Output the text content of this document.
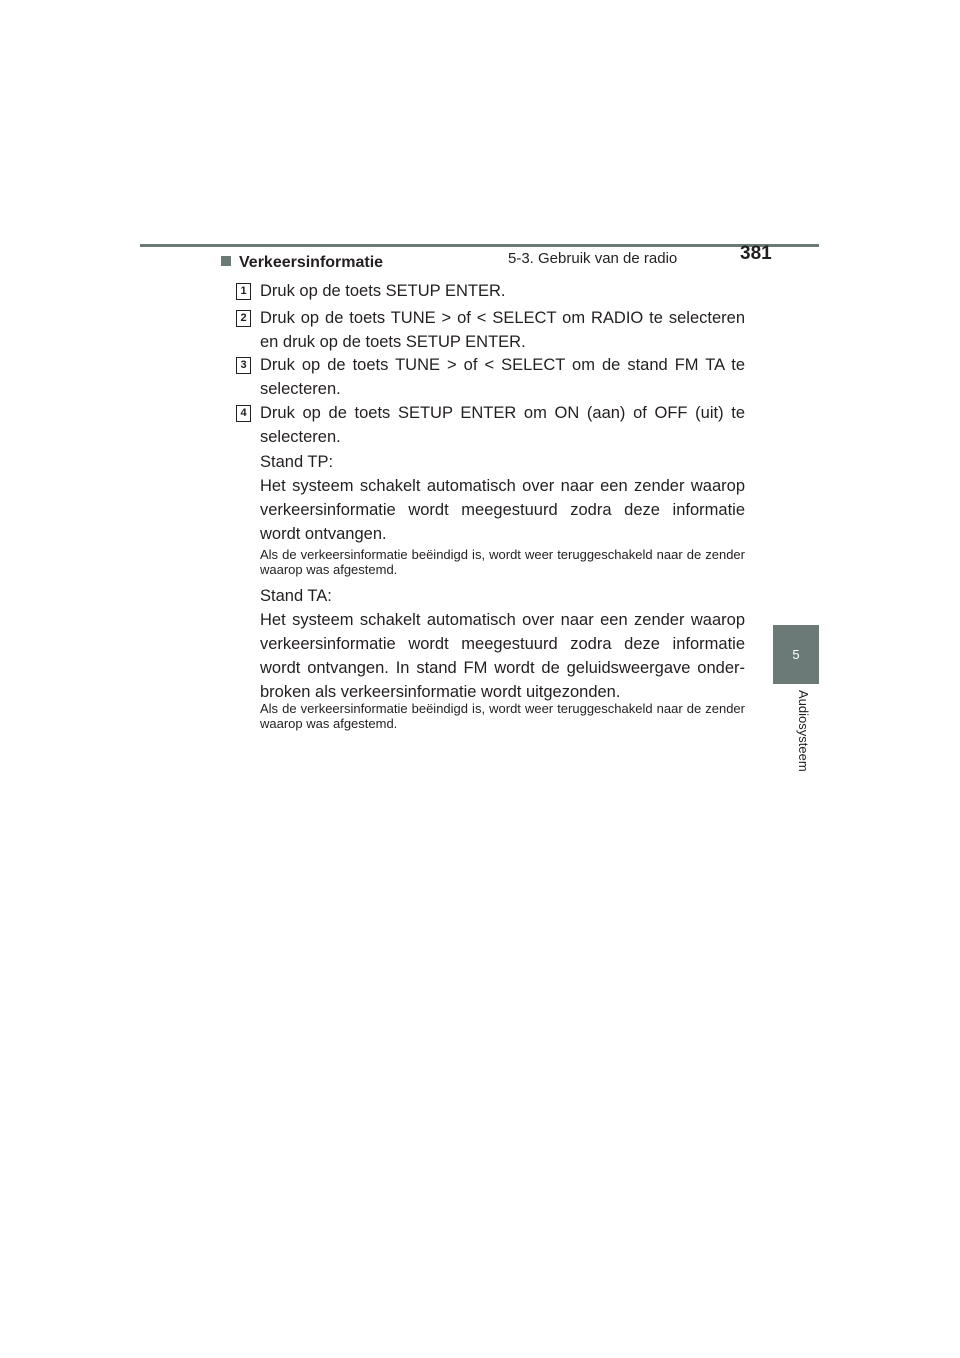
5-3. Gebruik van de radio	381
5
Audiosysteem
Verkeersinformatie
1 Druk op de toets SETUP ENTER.
2 Druk op de toets TUNE > of < SELECT om RADIO te selecteren en druk op de toets SETUP ENTER.
3 Druk op de toets TUNE > of < SELECT om de stand FM TA te selecteren.
4 Druk op de toets SETUP ENTER om ON (aan) of OFF (uit) te selecteren.
Stand TP:
Het systeem schakelt automatisch over naar een zender waarop verkeersinformatie wordt meegestuurd zodra deze informatie wordt ontvangen.
Als de verkeersinformatie beëindigd is, wordt weer teruggeschakeld naar de zender waarop was afgestemd.
Stand TA:
Het systeem schakelt automatisch over naar een zender waarop verkeersinformatie wordt meegestuurd zodra deze informatie wordt ontvangen. In stand FM wordt de geluidsweergave onder-broken als verkeersinformatie wordt uitgezonden.
Als de verkeersinformatie beëindigd is, wordt weer teruggeschakeld naar de zender waarop was afgestemd.
